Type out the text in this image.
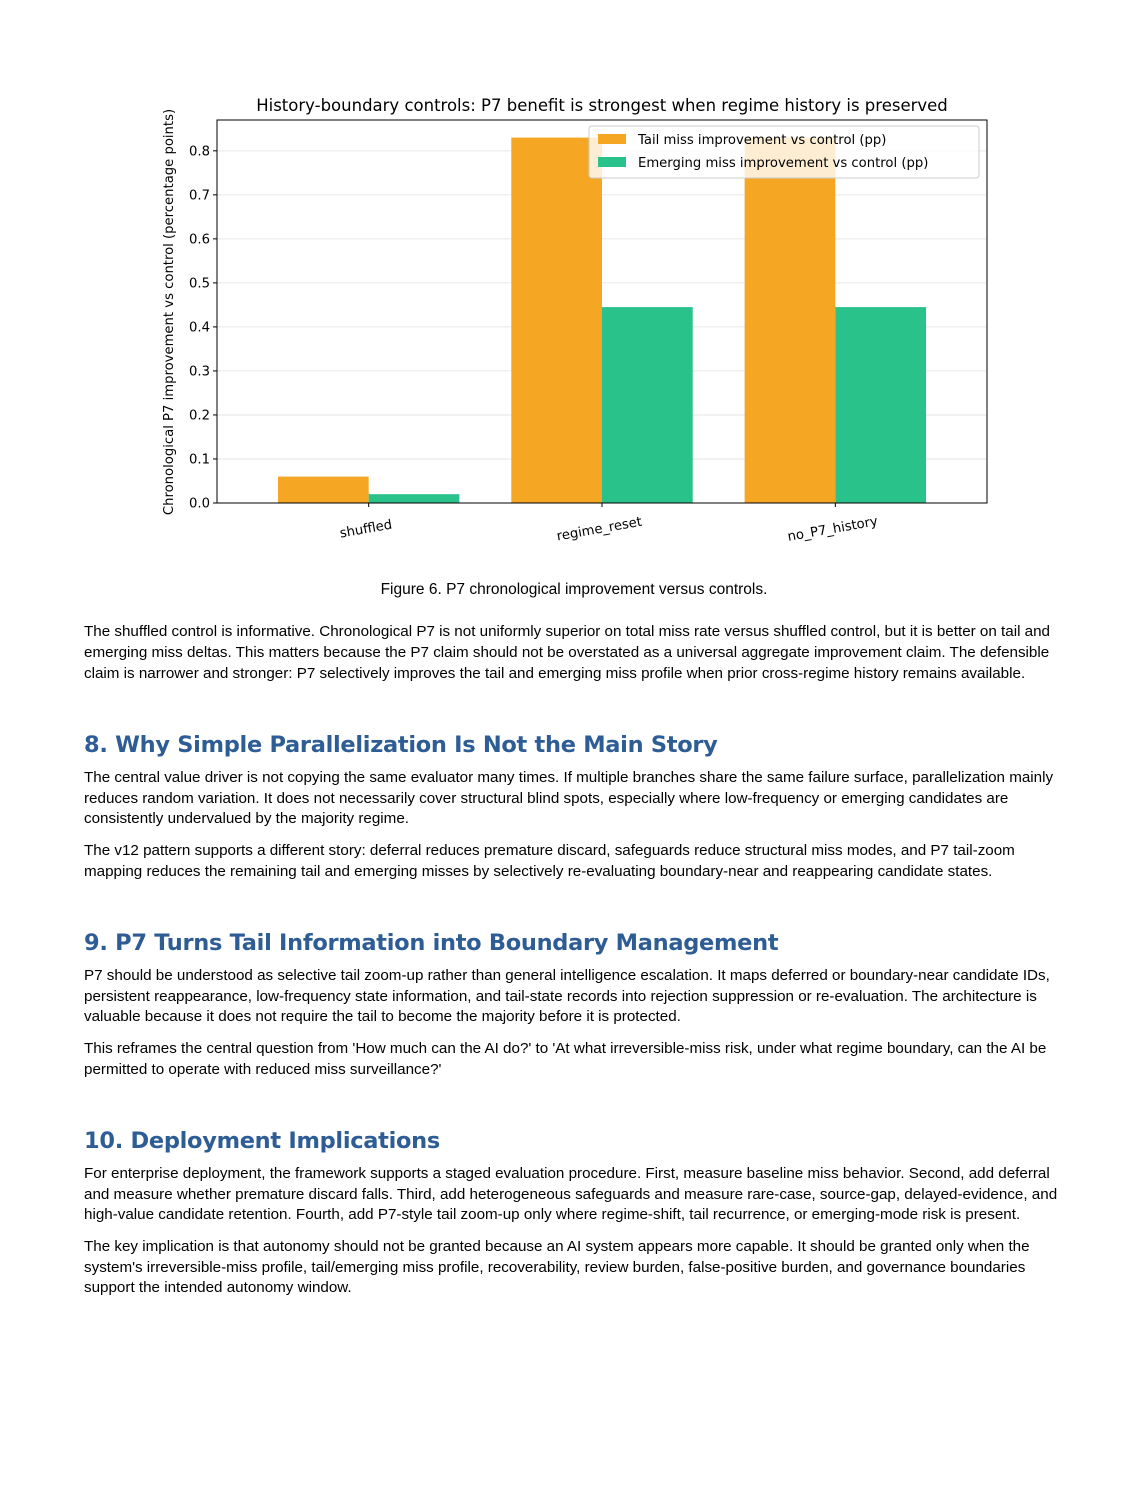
0.0
0.1
0.2
0.3
0.4
0.5
0.6
0.7
0.8
shuffled	regime_reset	no_P7_history
History-boundary controls: P7 benefit is strongest when regime history is preserved
Chronological P7 improvement vs control (percentage points)	Tail miss improvement vs control (pp)
Emerging miss improvement vs control (pp)
Figure 6. P7 chronological improvement versus controls.

The shuffled control is informative. Chronological P7 is not uniformly superior on total miss rate versus shuffled control, but it is better on tail and emerging miss deltas. This matters because the P7 claim should not be overstated as a universal aggregate improvement claim. The defensible claim is narrower and stronger: P7 selectively improves the tail and emerging miss profile when prior cross-regime history remains available.

8. Why Simple Parallelization Is Not the Main Story

The central value driver is not copying the same evaluator many times. If multiple branches share the same failure surface, parallelization mainly reduces random variation. It does not necessarily cover structural blind spots, especially where low-frequency or emerging candidates are consistently undervalued by the majority regime.

The v12 pattern supports a different story: deferral reduces premature discard, safeguards reduce structural miss modes, and P7 tail-zoom mapping reduces the remaining tail and emerging misses by selectively re-evaluating boundary-near and reappearing candidate states.

9. P7 Turns Tail Information into Boundary Management

P7 should be understood as selective tail zoom-up rather than general intelligence escalation. It maps deferred or boundary-near candidate IDs, persistent reappearance, low-frequency state information, and tail-state records into rejection suppression or re-evaluation. The architecture is valuable because it does not require the tail to become the majority before it is protected.

This reframes the central question from 'How much can the AI do?' to 'At what irreversible-miss risk, under what regime boundary, can the AI be permitted to operate with reduced miss surveillance?'

10. Deployment Implications

For enterprise deployment, the framework supports a staged evaluation procedure. First, measure baseline miss behavior. Second, add deferral and measure whether premature discard falls. Third, add heterogeneous safeguards and measure rare-case, source-gap, delayed-evidence, and high-value candidate retention. Fourth, add P7-style tail zoom-up only where regime-shift, tail recurrence, or emerging-mode risk is present.

The key implication is that autonomy should not be granted because an AI system appears more capable. It should be granted only when the system's irreversible-miss profile, tail/emerging miss profile, recoverability, review burden, false-positive burden, and governance boundaries support the intended autonomy window.
